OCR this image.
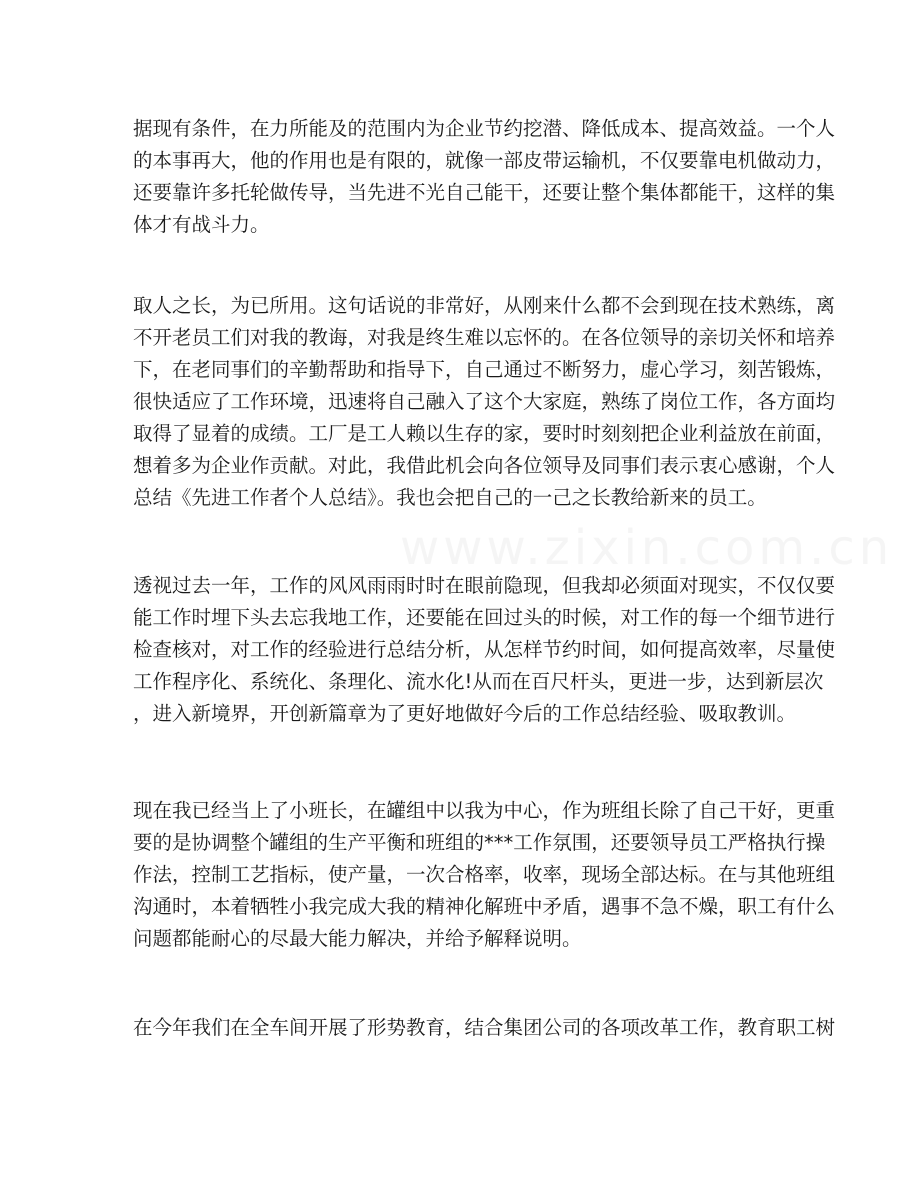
www.zixin.com.cn
据现有条件，在力所能及的范围内为企业节约挖潜、降低成本、提高效益。一个人
的本事再大，他的作用也是有限的，就像一部皮带运输机，不仅要靠电机做动力，
还要靠许多托轮做传导，当先进不光自己能干，还要让整个集体都能干，这样的集
体才有战斗力。
取人之长，为已所用。这句话说的非常好，从刚来什么都不会到现在技术熟练，离
不开老员工们对我的教诲，对我是终生难以忘怀的。在各位领导的亲切关怀和培养
下，在老同事们的辛勤帮助和指导下，自己通过不断努力，虚心学习，刻苦锻炼，
很快适应了工作环境，迅速将自己融入了这个大家庭，熟练了岗位工作，各方面均
取得了显着的成绩。工厂是工人赖以生存的家，要时时刻刻把企业利益放在前面，
想着多为企业作贡献。对此，我借此机会向各位领导及同事们表示衷心感谢，个人
总结《先进工作者个人总结》。我也会把自己的一己之长教给新来的员工。
透视过去一年，工作的风风雨雨时时在眼前隐现，但我却必须面对现实，不仅仅要
能工作时埋下头去忘我地工作，还要能在回过头的时候，对工作的每一个细节进行
检查核对，对工作的经验进行总结分析，从怎样节约时间，如何提高效率，尽量使
工作程序化、系统化、条理化、流水化!从而在百尺杆头，更进一步，达到新层次
，进入新境界，开创新篇章为了更好地做好今后的工作总结经验、吸取教训。
现在我已经当上了小班长，在罐组中以我为中心，作为班组长除了自己干好，更重
要的是协调整个罐组的生产平衡和班组的***工作氛围，还要领导员工严格执行操
作法，控制工艺指标，使产量，一次合格率，收率，现场全部达标。在与其他班组
沟通时，本着牺牲小我完成大我的精神化解班中矛盾，遇事不急不燥，职工有什么
问题都能耐心的尽最大能力解决，并给予解释说明。
在今年我们在全车间开展了形势教育，结合集团公司的各项改革工作，教育职工树
